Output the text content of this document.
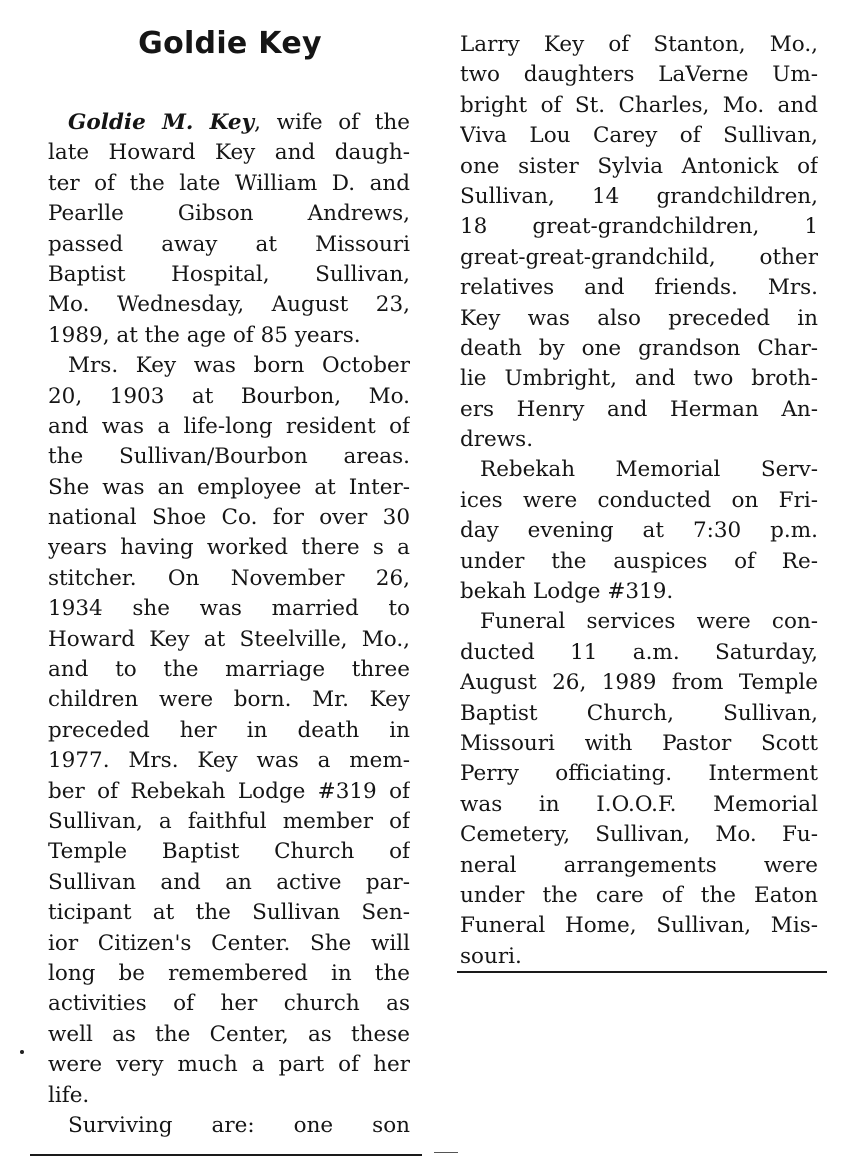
Goldie Key
Goldie M. Key, wife of the
late Howard Key and daugh-
ter of the late William D. and
Pearlle Gibson Andrews,
passed away at Missouri
Baptist Hospital, Sullivan,
Mo. Wednesday, August 23,
1989, at the age of 85 years.
Mrs. Key was born October
20, 1903 at Bourbon, Mo.
and was a life-long resident of
the Sullivan/Bourbon areas.
She was an employee at Inter-
national Shoe Co. for over 30
years having worked there s a
stitcher. On November 26,
1934 she was married to
Howard Key at Steelville, Mo.,
and to the marriage three
children were born. Mr. Key
preceded her in death in
1977. Mrs. Key was a mem-
ber of Rebekah Lodge #319 of
Sullivan, a faithful member of
Temple Baptist Church of
Sullivan and an active par-
ticipant at the Sullivan Sen-
ior Citizen's Center. She will
long be remembered in the
activities of her church as
well as the Center, as these
were very much a part of her
life.
Surviving are: one son
Larry Key of Stanton, Mo.,
two daughters LaVerne Um-
bright of St. Charles, Mo. and
Viva Lou Carey of Sullivan,
one sister Sylvia Antonick of
Sullivan, 14 grandchildren,
18 great-grandchildren, 1
great-great-grandchild, other
relatives and friends. Mrs.
Key was also preceded in
death by one grandson Char-
lie Umbright, and two broth-
ers Henry and Herman An-
drews.
Rebekah Memorial Serv-
ices were conducted on Fri-
day evening at 7:30 p.m.
under the auspices of Re-
bekah Lodge #319.
Funeral services were con-
ducted 11 a.m. Saturday,
August 26, 1989 from Temple
Baptist Church, Sullivan,
Missouri with Pastor Scott
Perry officiating. Interment
was in I.O.O.F. Memorial
Cemetery, Sullivan, Mo. Fu-
neral arrangements were
under the care of the Eaton
Funeral Home, Sullivan, Mis-
souri.
